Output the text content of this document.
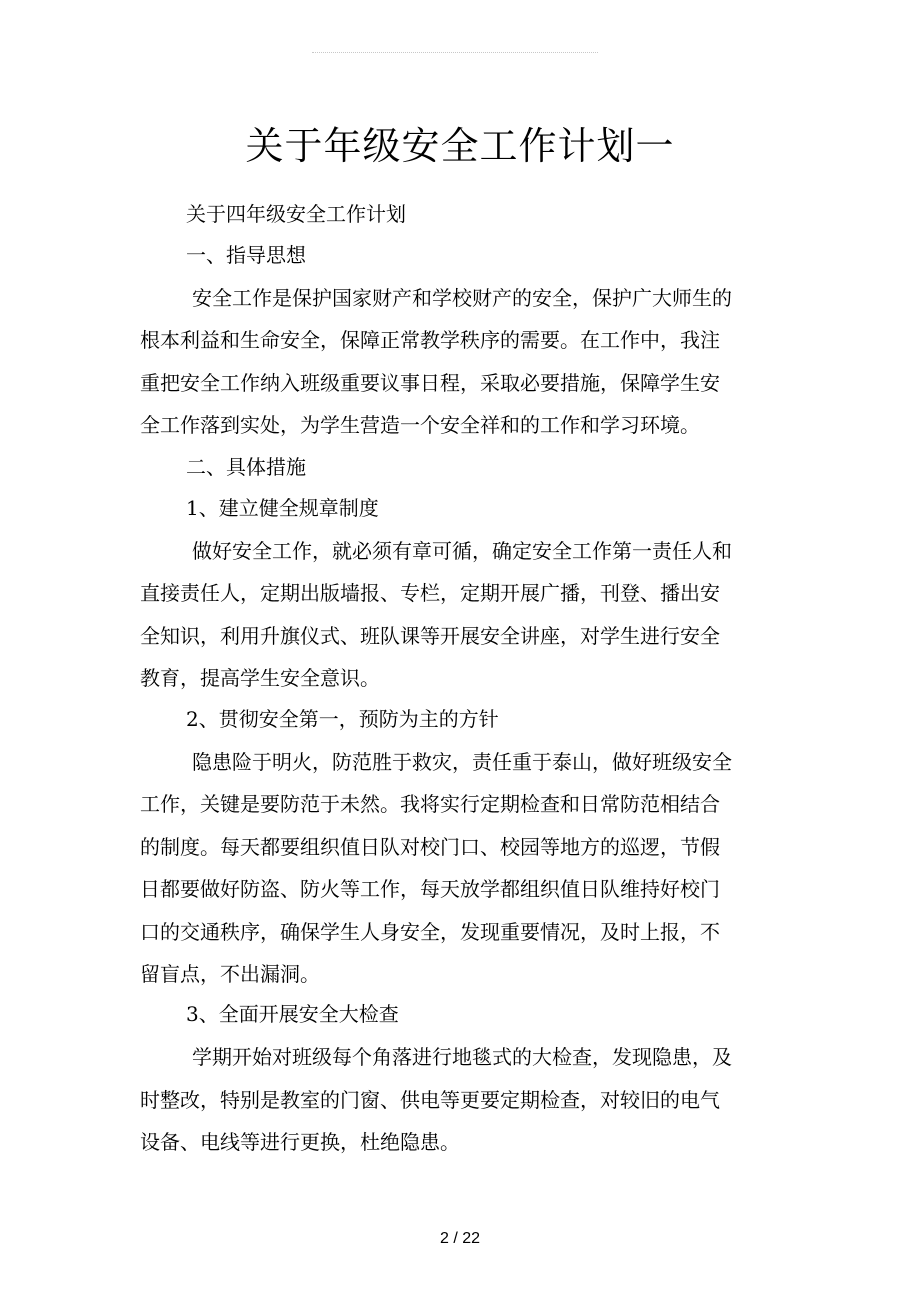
关于年级安全工作计划一

关于四年级安全工作计划

一、指导思想

安全工作是保护国家财产和学校财产的安全，保护广大师生的

根本利益和生命安全，保障正常教学秩序的需要。在工作中，我注

重把安全工作纳入班级重要议事日程，采取必要措施，保障学生安

全工作落到实处，为学生营造一个安全祥和的工作和学习环境。

二、具体措施

1、建立健全规章制度

做好安全工作，就必须有章可循，确定安全工作第一责任人和

直接责任人，定期出版墙报、专栏，定期开展广播，刊登、播出安

全知识，利用升旗仪式、班队课等开展安全讲座，对学生进行安全

教育，提高学生安全意识。

2、贯彻安全第一，预防为主的方针

隐患险于明火，防范胜于救灾，责任重于泰山，做好班级安全

工作，关键是要防范于未然。我将实行定期检查和日常防范相结合

的制度。每天都要组织值日队对校门口、校园等地方的巡逻，节假

日都要做好防盗、防火等工作，每天放学都组织值日队维持好校门

口的交通秩序，确保学生人身安全，发现重要情况，及时上报，不

留盲点，不出漏洞。

3、全面开展安全大检查

学期开始对班级每个角落进行地毯式的大检查，发现隐患，及

时整改，特别是教室的门窗、供电等更要定期检查，对较旧的电气

设备、电线等进行更换，杜绝隐患。

2 / 22
